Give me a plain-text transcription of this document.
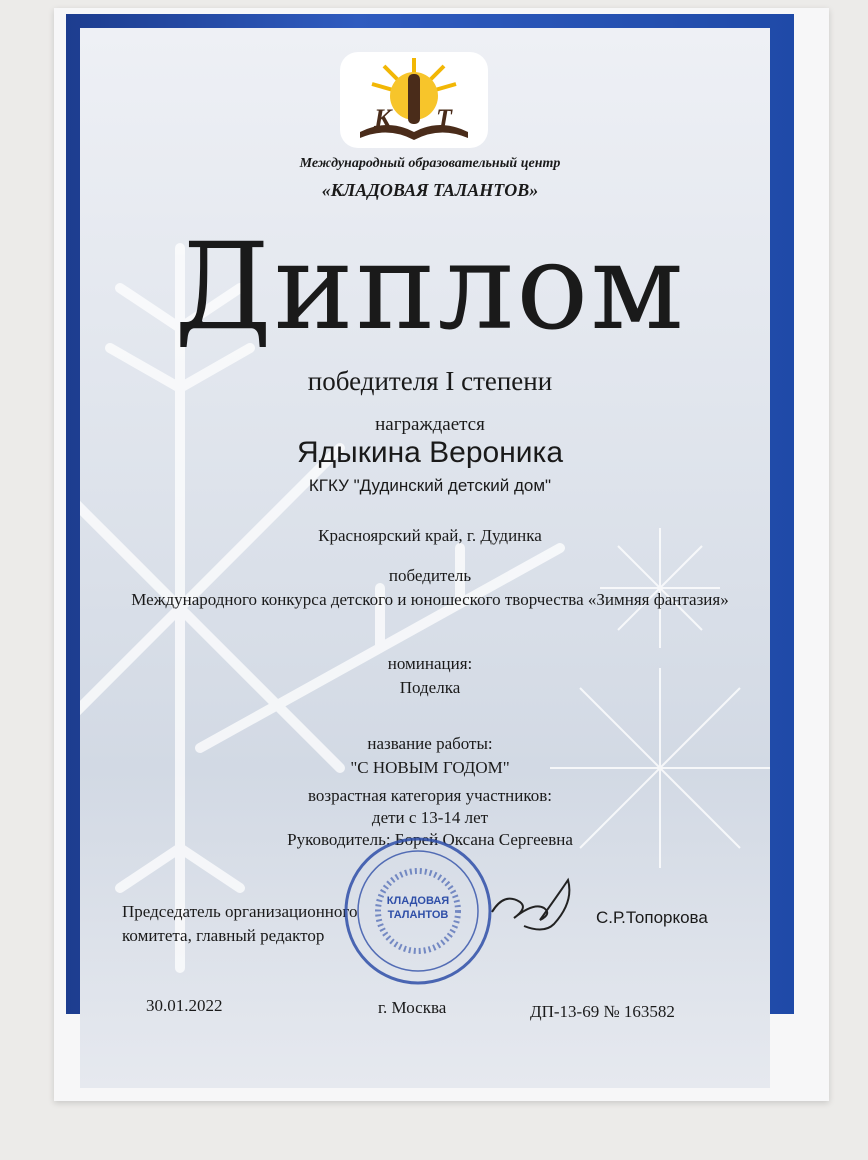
К Т
Международный образовательный центр
«КЛАДОВАЯ ТАЛАНТОВ»
Диплом
победителя I степени
награждается
Ядыкина Вероника
КГКУ "Дудинский детский дом"
Красноярский край, г. Дудинка
победитель
Международного конкурса детского и юношеского творчества «Зимняя фантазия»
номинация:
Поделка
название работы:
"С НОВЫМ ГОДОМ"
возрастная категория участников:
дети с 13-14 лет
Руководитель: Борей Оксана Сергеевна
Председатель организационного
комитета, главный редактор
С.Р.Топоркова
КЛАДОВАЯ ТАЛАНТОВ
30.01.2022	г. Москва	ДП-13-69 № 163582
